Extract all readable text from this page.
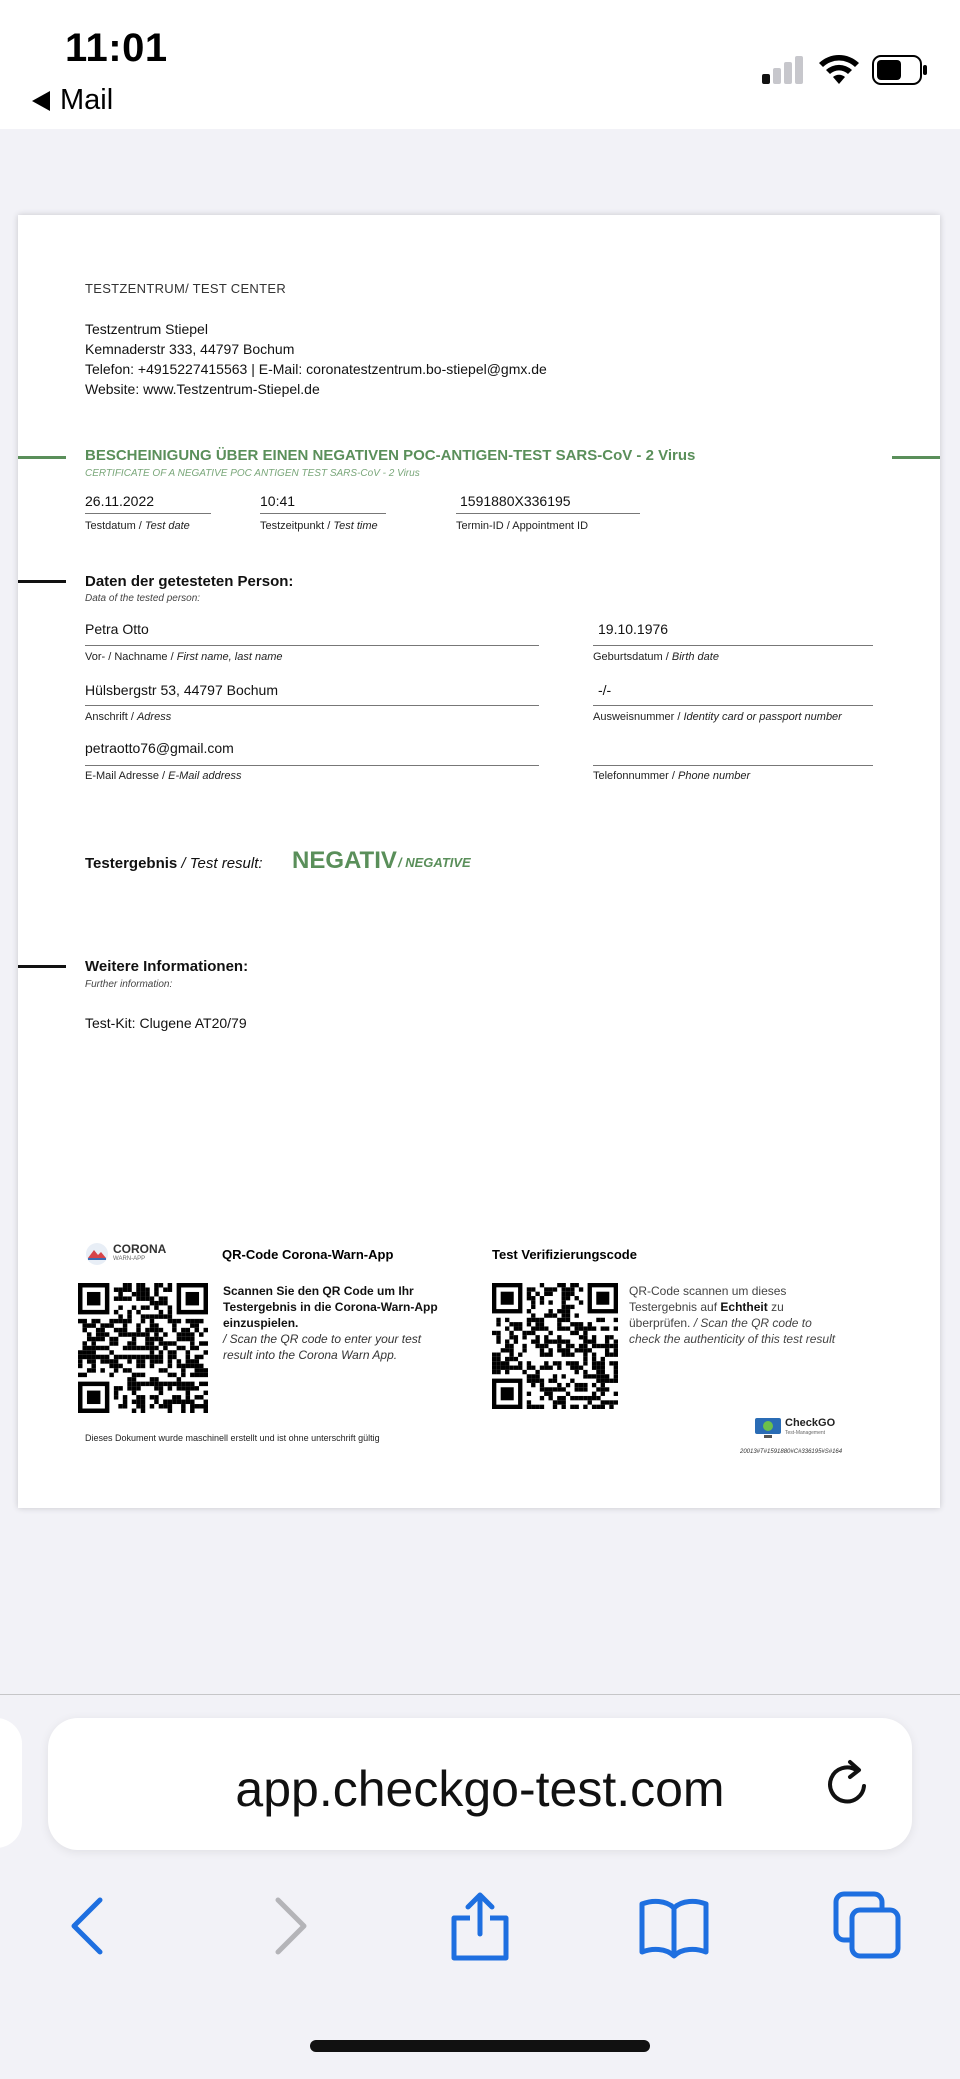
11:01
Mail
TESTZENTRUM/ TEST CENTER
Testzentrum Stiepel
Kemnaderstr 333, 44797 Bochum
Telefon: +4915227415563 | E-Mail: coronatestzentrum.bo-stiepel@gmx.de
Website: www.Testzentrum-Stiepel.de
BESCHEINIGUNG ÜBER EINEN NEGATIVEN POC-ANTIGEN-TEST SARS-CoV - 2 Virus
CERTIFICATE OF A NEGATIVE POC ANTIGEN TEST SARS-CoV - 2 Virus
26.11.2022
Testdatum / Test date
10:41
Testzeitpunkt / Test time
1591880X336195
Termin-ID / Appointment ID
Daten der getesteten Person:
Data of the tested person:
Petra Otto
Vor- / Nachname / First name, last name
19.10.1976
Geburtsdatum / Birth date
Hülsbergstr 53, 44797 Bochum
Anschrift / Adress
-/-
Ausweisnummer / Identity card or passport number
petraotto76@gmail.com
E-Mail Adresse / E-Mail address	Telefonnummer / Phone number
Testergebnis / Test result: NEGATIV / NEGATIVE
Weitere Informationen:
Further information:
Test-Kit: Clugene AT20/79
CORONA
WARN-APP	QR-Code Corona-Warn-App
Scannen Sie den QR Code um Ihr Testergebnis in die Corona-Warn-App einzuspielen.
/ Scan the QR code to enter your test result into the Corona Warn App.
Test Verifizierungscode
QR-Code scannen um dieses Testergebnis auf Echtheit zu überprüfen. / Scan the QR code to check the authenticity of this test result
Dieses Dokument wurde maschinell erstellt und ist ohne unterschrift gültig
CheckGO
Test-Management
20013#T#1591880#C#336195#S#164
app.checkgo-test.com
